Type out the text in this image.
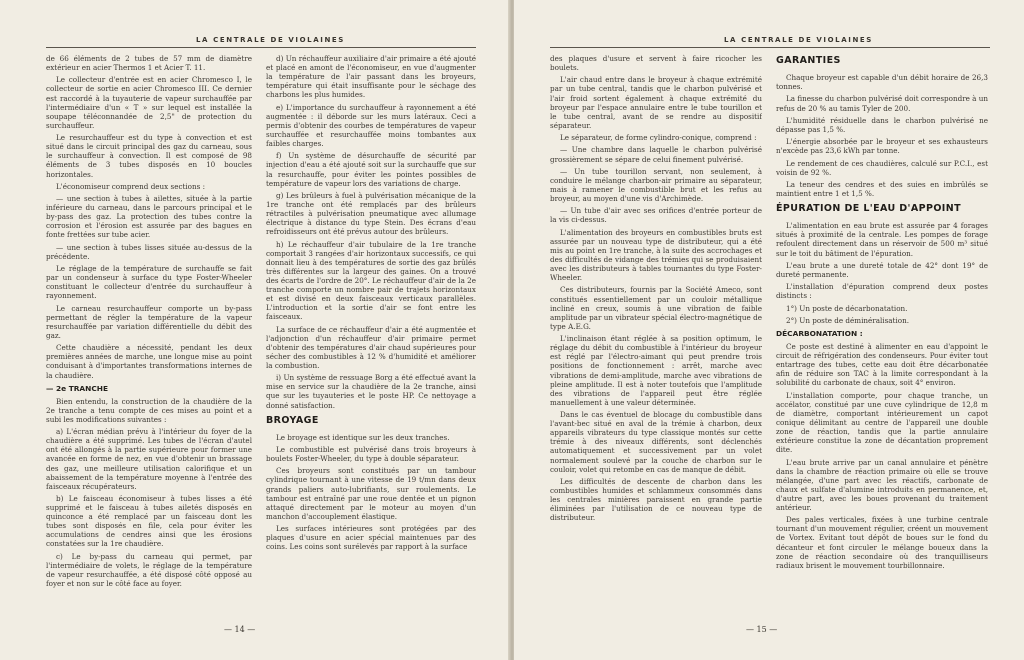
LA CENTRALE DE VIOLAINES

de 66 éléments de 2 tubes de 57 mm de diamètre extérieur en acier Thermos 1 et Acier T. 11.

Le collecteur d'entrée est en acier Chromesco I, le collecteur de sortie en acier Chromesco III. Ce dernier est raccordé à la tuyauterie de vapeur surchauffée par l'intermédiaire d'un « T » sur lequel est installée la soupape téléconnandée de 2,5" de protection du surchauffeur.

Le resurchauffeur est du type à convection et est situé dans le circuit principal des gaz du carneau, sous le surchauffeur à convection. Il est composé de 98 éléments de 3 tubes disposés en 10 boucles horizontales.

L'économiseur comprend deux sections :

— une section à tubes à ailettes, située à la partie inférieure du carneau, dans le parcours principal et le by-pass des gaz. La protection des tubes contre la corrosion et l'érosion est assurée par des bagues en fonte frettées sur tube acier.

— une section à tubes lisses située au-dessus de la précédente.

Le réglage de la température de surchauffe se fait par un condenseur à surface du type Foster-Wheeler constituant le collecteur d'entrée du surchauffeur à rayonnement.

Le carneau resurchauffeur comporte un by-pass permettant de régler la température de la vapeur resurchauffée par variation différentielle du débit des gaz.

Cette chaudière a nécessité, pendant les deux premières années de marche, une longue mise au point conduisant à d'importantes transformations internes de la chaudière.

— 2e TRANCHE

Bien entendu, la construction de la chaudière de la 2e tranche a tenu compte de ces mises au point et a subi les modifications suivantes :

a) L'écran médian prévu à l'intérieur du foyer de la chaudière a été supprimé. Les tubes de l'écran d'autel ont été allongés à la partie supérieure pour former une avancée en forme de nez, en vue d'obtenir un brassage des gaz, une meilleure utilisation calorifique et un abaissement de la température moyenne à l'entrée des faisceaux récupérateurs.

b) Le faisceau économiseur à tubes lisses a été supprimé et le faisceau à tubes ailetés disposés en quinconce a été remplacé par un faisceau dont les tubes sont disposés en file, cela pour éviter les accumulations de cendres ainsi que les érosions constatées sur la 1re chaudière.

c) Le by-pass du carneau qui permet, par l'intermédiaire de volets, le réglage de la température de vapeur resurchauffée, a été disposé côté opposé au foyer et non sur le côté face au foyer.

d) Un réchauffeur auxiliaire d'air primaire a été ajouté et placé en amont de l'économiseur, en vue d'augmenter la température de l'air passant dans les broyeurs, température qui était insuffisante pour le séchage des charbons les plus humides.

e) L'importance du surchauffeur à rayonnement a été augmentée : il déborde sur les murs latéraux. Ceci a permis d'obtenir des courbes de températures de vapeur surchauffée et resurchauffée moins tombantes aux faibles charges.

f) Un système de désurchauffe de sécurité par injection d'eau a été ajouté soit sur la surchauffe que sur la resurchauffe, pour éviter les pointes possibles de température de vapeur lors des variations de charge.

g) Les brûleurs à fuel à pulvérisation mécanique de la 1re tranche ont été remplacés par des brûleurs rétractiles à pulvérisation pneumatique avec allumage électrique à distance du type Stein. Des écrans d'eau refroidisseurs ont été prévus autour des brûleurs.

h) Le réchauffeur d'air tubulaire de la 1re tranche comportait 3 rangées d'air horizontaux successifs, ce qui donnait lieu à des températures de sortie des gaz brûlés très différentes sur la largeur des gaines. On a trouvé des écarts de l'ordre de 20°. Le réchauffeur d'air de la 2e tranche comporte un nombre pair de trajets horizontaux et est divisé en deux faisceaux verticaux parallèles. L'introduction et la sortie d'air se font entre les faisceaux.

La surface de ce réchauffeur d'air a été augmentée et l'adjonction d'un réchauffeur d'air primaire permet d'obtenir des températures d'air chaud supérieures pour sécher des combustibles à 12 % d'humidité et améliorer la combustion.

i) Un système de ressuage Borg a été effectué avant la mise en service sur la chaudière de la 2e tranche, ainsi que sur les tuyauteries et le poste HP. Ce nettoyage a donné satisfaction.

BROYAGE

Le broyage est identique sur les deux tranches.

Le combustible est pulvérisé dans trois broyeurs à boulets Foster-Wheeler, du type à double séparateur.

Ces broyeurs sont constitués par un tambour cylindrique tournant à une vitesse de 19 t/mn dans deux grands paliers auto-lubrifiants, sur roulements. Le tambour est entraîné par une roue dentée et un pignon attaqué directement par le moteur au moyen d'un manchon d'accouplement élastique.

Les surfaces intérieures sont protégées par des plaques d'usure en acier spécial maintenues par des coins. Les coins sont surélevés par rapport à la surface

— 14 —
LA CENTRALE DE VIOLAINES

des plaques d'usure et servent à faire ricocher les boulets.

L'air chaud entre dans le broyeur à chaque extrémité par un tube central, tandis que le charbon pulvérisé et l'air froid sortent également à chaque extrémité du broyeur par l'espace annulaire entre le tube tourillon et le tube central, avant de se rendre au dispositif séparateur.

Le séparateur, de forme cylindro-conique, comprend :

— Une chambre dans laquelle le charbon pulvérisé grossièrement se sépare de celui finement pulvérisé.

— Un tube tourillon servant, non seulement, à conduire le mélange charbon-air primaire au séparateur, mais à ramener le combustible brut et les refus au broyeur, au moyen d'une vis d'Archimède.

— Un tube d'air avec ses orifices d'entrée porteur de la vis ci-dessus.

L'alimentation des broyeurs en combustibles bruts est assurée par un nouveau type de distributeur, qui a été mis au point en 1re tranche, à la suite des accrochages et des difficultés de vidange des trémies qui se produisaient avec les distributeurs à tables tournantes du type Foster-Wheeler.

Ces distributeurs, fournis par la Société Ameco, sont constitués essentiellement par un couloir métallique incliné en creux, soumis à une vibration de faible amplitude par un vibrateur spécial électro-magnétique de type A.E.G.

L'inclinaison étant réglée à sa position optimum, le réglage du débit du combustible à l'intérieur du broyeur est réglé par l'électro-aimant qui peut prendre trois positions de fonctionnement : arrêt, marche avec vibrations de demi-amplitude, marche avec vibrations de pleine amplitude. Il est à noter toutefois que l'amplitude des vibrations de l'appareil peut être réglée manuellement à une valeur déterminée.

Dans le cas éventuel de blocage du combustible dans l'avant-bec situé en aval de la trémie à charbon, deux appareils vibrateurs du type classique montés sur cette trémie à des niveaux différents, sont déclenchés automatiquement et successivement par un volet normalement soulevé par la couche de charbon sur le couloir, volet qui retombe en cas de manque de débit.

Les difficultés de descente de charbon dans les combustibles humides et schlammeux consommés dans les centrales minières paraissent en grande partie éliminées par l'utilisation de ce nouveau type de distributeur.

GARANTIES

Chaque broyeur est capable d'un débit horaire de 26,3 tonnes.

La finesse du charbon pulvérisé doit correspondre à un refus de 20 % au tamis Tyler de 200.

L'humidité résiduelle dans le charbon pulvérisé ne dépasse pas 1,5 %.

L'énergie absorbée par le broyeur et ses exhausteurs n'excède pas 23,6 kWh par tonne.

Le rendement de ces chaudières, calculé sur P.C.I., est voisin de 92 %.

La teneur des cendres et des suies en imbrûlés se maintient entre 1 et 1,5 %.

ÉPURATION DE L'EAU D'APPOINT

L'alimentation en eau brute est assurée par 4 forages situés à proximité de la centrale. Les pompes de forage refoulent directement dans un réservoir de 500 m³ situé sur le toit du bâtiment de l'épuration.

L'eau brute a une dureté totale de 42° dont 19° de dureté permanente.

L'installation d'épuration comprend deux postes distincts :

1°) Un poste de décarbonatation.

2°) Un poste de déminéralisation.

DÉCARBONATATION :

Ce poste est destiné à alimenter en eau d'appoint le circuit de réfrigération des condenseurs. Pour éviter tout entartrage des tubes, cette eau doit être décarbonatée afin de réduire son TAC à la limite correspondant à la solubilité du carbonate de chaux, soit 4° environ.

L'installation comporte, pour chaque tranche, un accélator, constitué par une cuve cylindrique de 12,8 m de diamètre, comportant intérieurement un capot conique délimitant au centre de l'appareil une double zone de réaction, tandis que la partie annulaire extérieure constitue la zone de décantation proprement dite.

L'eau brute arrive par un canal annulaire et pénètre dans la chambre de réaction primaire où elle se trouve mélangée, d'une part avec les réactifs, carbonate de chaux et sulfate d'alumine introduits en permanence, et, d'autre part, avec les boues provenant du traitement antérieur.

Des pales verticales, fixées à une turbine centrale tournant d'un mouvement régulier, créent un mouvement de Vortex. Evitant tout dépôt de boues sur le fond du décanteur et font circuler le mélange boueux dans la zone de réaction secondaire où des tranquilliseurs radiaux brisent le mouvement tourbillonnaire.

— 15 —
